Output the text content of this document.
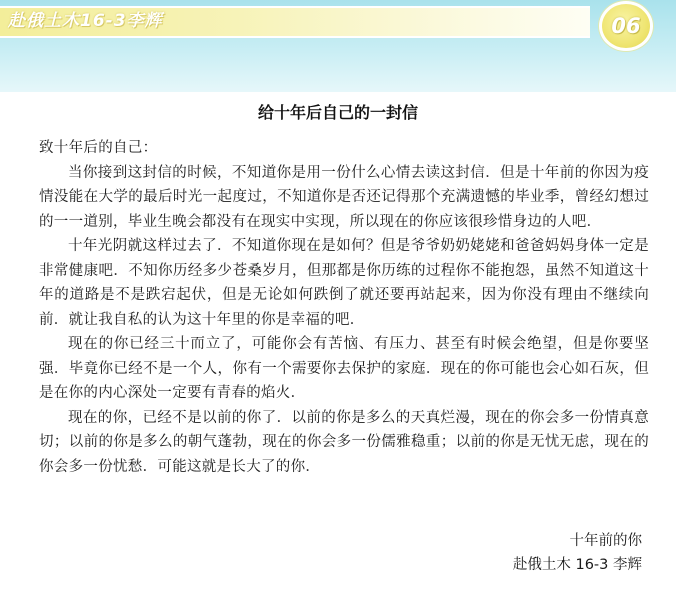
赴俄土木16-3李辉	06
给十年后自己的一封信

致十年后的自己：

当你接到这封信的时候，不知道你是用一份什么心情去读这封信．但是十年前的你因为疫情没能在大学的最后时光一起度过，不知道你是否还记得那个充满遗憾的毕业季，曾经幻想过的一一道别，毕业生晚会都没有在现实中实现，所以现在的你应该很珍惜身边的人吧．

十年光阴就这样过去了．不知道你现在是如何？但是爷爷奶奶姥姥和爸爸妈妈身体一定是非常健康吧．不知你历经多少苍桑岁月，但那都是你历练的过程你不能抱怨，虽然不知道这十年的道路是不是跌宕起伏，但是无论如何跌倒了就还要再站起来，因为你没有理由不继续向前．就让我自私的认为这十年里的你是幸福的吧．

现在的你已经三十而立了，可能你会有苦恼、有压力、甚至有时候会绝望，但是你要坚强．毕竟你已经不是一个人，你有一个需要你去保护的家庭．现在的你可能也会心如石灰，但是在你的内心深处一定要有青春的焰火．

现在的你，已经不是以前的你了．以前的你是多么的天真烂漫，现在的你会多一份情真意切；以前的你是多么的朝气蓬勃，现在的你会多一份儒雅稳重；以前的你是无忧无虑，现在的你会多一份忧愁．可能这就是长大了的你．

十年前的你
赴俄土木 16-3 李辉
